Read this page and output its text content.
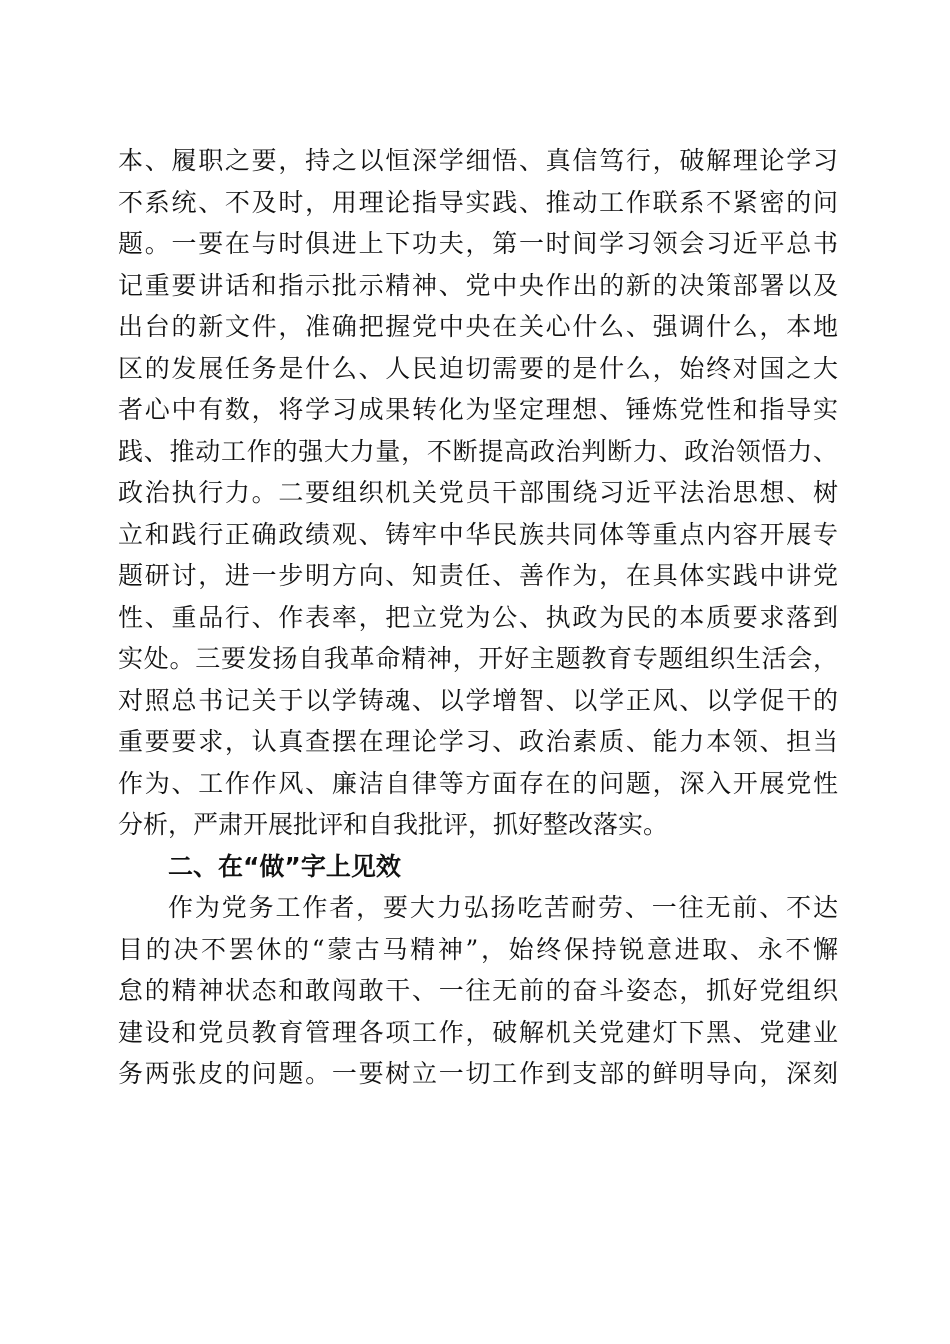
本、履职之要，持之以恒深学细悟、真信笃行，破解理论学习
不系统、不及时，用理论指导实践、推动工作联系不紧密的问
题。一要在与时俱进上下功夫，第一时间学习领会习近平总书
记重要讲话和指示批示精神、党中央作出的新的决策部署以及
出台的新文件，准确把握党中央在关心什么、强调什么，本地
区的发展任务是什么、人民迫切需要的是什么，始终对国之大
者心中有数，将学习成果转化为坚定理想、锤炼党性和指导实
践、推动工作的强大力量，不断提高政治判断力、政治领悟力、
政治执行力。二要组织机关党员干部围绕习近平法治思想、树
立和践行正确政绩观、铸牢中华民族共同体等重点内容开展专
题研讨，进一步明方向、知责任、善作为，在具体实践中讲党
性、重品行、作表率，把立党为公、执政为民的本质要求落到
实处。三要发扬自我革命精神，开好主题教育专题组织生活会，
对照总书记关于以学铸魂、以学增智、以学正风、以学促干的
重要要求，认真查摆在理论学习、政治素质、能力本领、担当
作为、工作作风、廉洁自律等方面存在的问题，深入开展党性
分析，严肃开展批评和自我批评，抓好整改落实。
二、在“做”字上见效
作为党务工作者，要大力弘扬吃苦耐劳、一往无前、不达
目的决不罢休的“蒙古马精神”，始终保持锐意进取、永不懈
怠的精神状态和敢闯敢干、一往无前的奋斗姿态，抓好党组织
建设和党员教育管理各项工作，破解机关党建灯下黑、党建业
务两张皮的问题。一要树立一切工作到支部的鲜明导向，深刻
